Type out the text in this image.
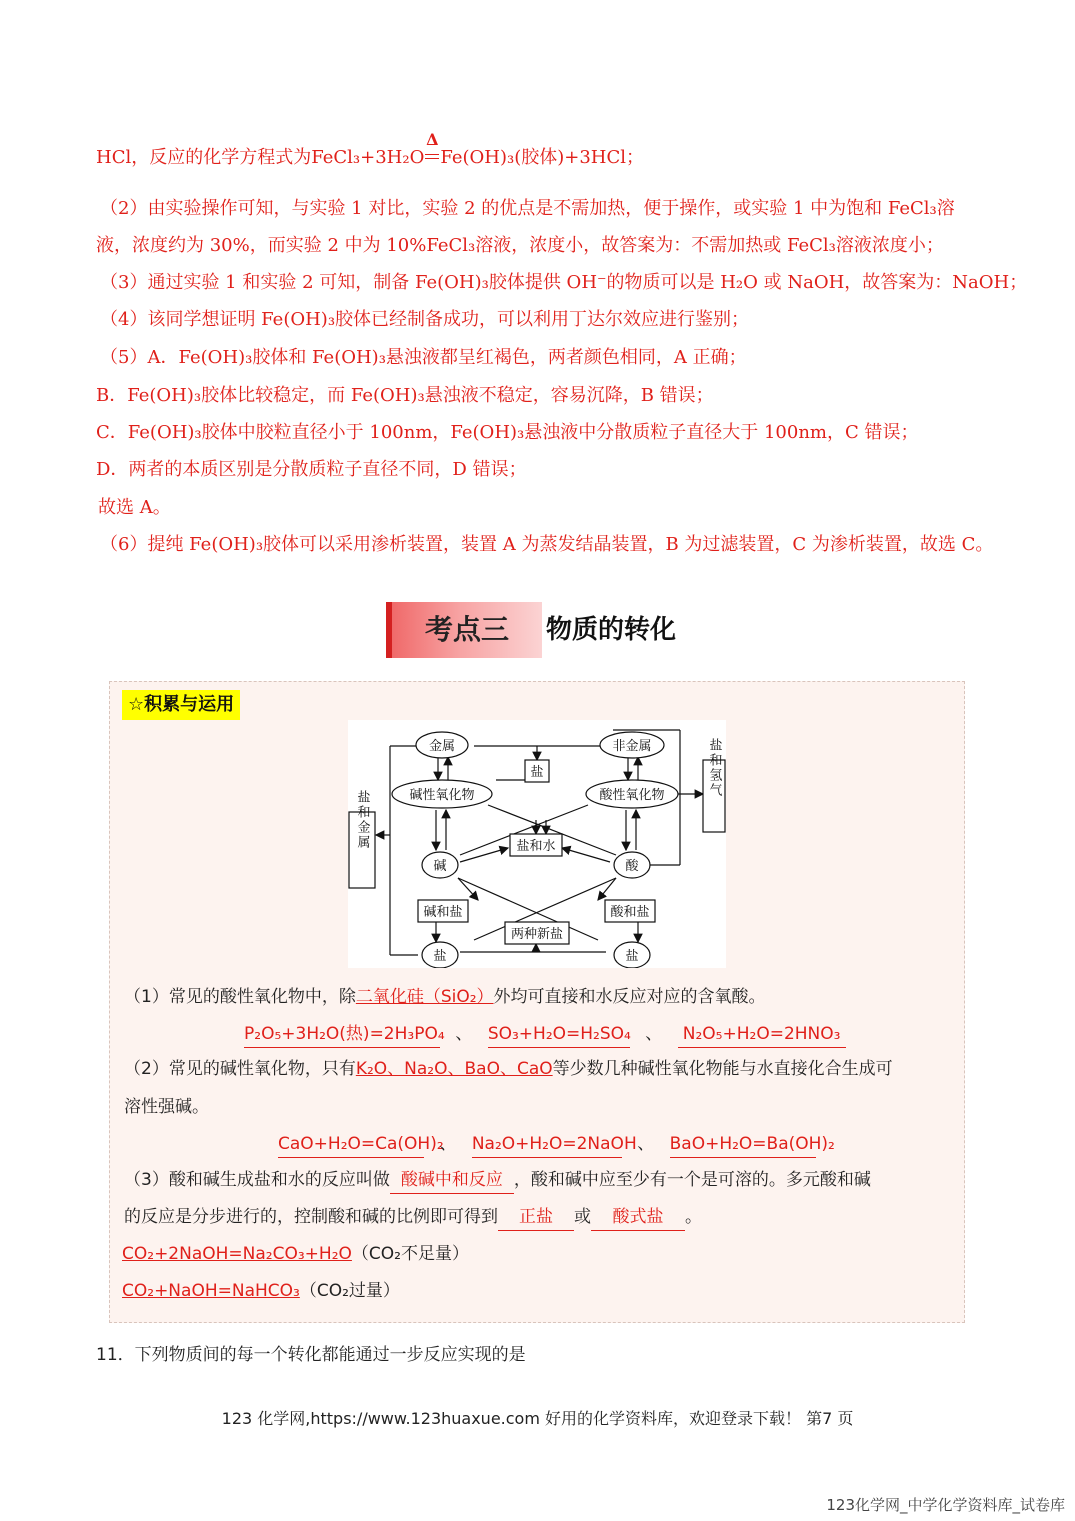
HCl，反应的化学方程式为FeCl₃+3H₂O
Δ
Fe(OH)₃(胶体)+3HCl；
（2）由实验操作可知，与实验 1 对比，实验 2 的优点是不需加热，便于操作，或实验 1 中为饱和 FeCl₃溶
液，浓度约为 30%，而实验 2 中为 10%FeCl₃溶液，浓度小，故答案为：不需加热或 FeCl₃溶液浓度小；
（3）通过实验 1 和实验 2 可知，制备 Fe(OH)₃胶体提供 OH⁻的物质可以是 H₂O 或 NaOH，故答案为：NaOH；
（4）该同学想证明 Fe(OH)₃胶体已经制备成功，可以利用丁达尔效应进行鉴别；
（5）A．Fe(OH)₃胶体和 Fe(OH)₃悬浊液都呈红褐色，两者颜色相同，A 正确；
B．Fe(OH)₃胶体比较稳定，而 Fe(OH)₃悬浊液不稳定，容易沉降，B 错误；
C．Fe(OH)₃胶体中胶粒直径小于 100nm，Fe(OH)₃悬浊液中分散质粒子直径大于 100nm，C 错误；
D．两者的本质区别是分散质粒子直径不同，D 错误；
故选 A。
（6）提纯 Fe(OH)₃胶体可以采用渗析装置，装置 A 为蒸发结晶装置，B 为过滤装置，C 为渗析装置，故选 C。
考点三	物质的转化
☆积累与运用
金属	非金属
盐
碱性氧化物	酸性氧化物
盐和水
碱	酸
碱和盐	酸和盐
两种新盐
盐	盐
盐和金属
盐和氢气
（1）常见的酸性氧化物中，除二氧化硅（SiO₂）外均可直接和水反应对应的含氧酸。
P₂O₅+3H₂O(热)=2H₃PO₄ 、 SO₃+H₂O=H₂SO₄ 、 N₂O₅+H₂O=2HNO₃
（2）常见的碱性氧化物，只有K₂O、Na₂O、BaO、CaO等少数几种碱性氧化物能与水直接化合生成可
溶性强碱。
CaO+H₂O=Ca(OH)₂ 、 Na₂O+H₂O=2NaOH 、 BaO+H₂O=Ba(OH)₂
（3）酸和碱生成盐和水的反应叫做 酸碱中和反应 ，酸和碱中应至少有一个是可溶的。多元酸和碱
的反应是分步进行的，控制酸和碱的比例即可得到 正盐 或 酸式盐 。
CO₂+2NaOH=Na₂CO₃+H₂O（CO₂不足量）
CO₂+NaOH=NaHCO₃（CO₂过量）
11．下列物质间的每一个转化都能通过一步反应实现的是
123 化学网,https://www.123huaxue.com 好用的化学资料库，欢迎登录下载！ 第7 页
123化学网_中学化学资料库_试卷库
